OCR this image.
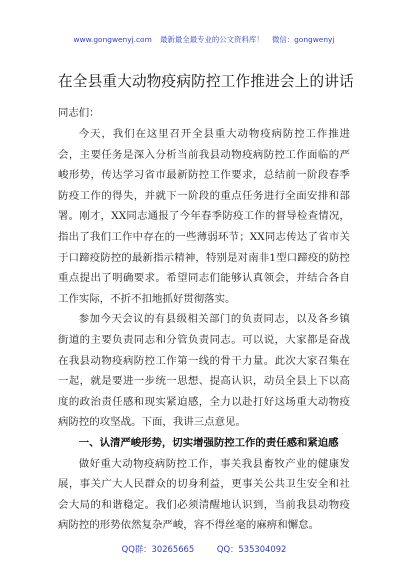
www.gongwenyj.com 最新最全最专业的公文资料库！ 微信：gongwenyj
在全县重大动物疫病防控工作推进会上的讲话
同志们：

今天，我们在这里召开全县重大动物疫病防控工作推进会，主要任务是深入分析当前我县动物疫病防控工作面临的严峻形势，传达学习省市最新防控工作要求，总结前一阶段春季防疫工作的得失，并就下一阶段的重点任务进行全面安排和部署。刚才，XX同志通报了今年春季防疫工作的督导检查情况，指出了我们工作中存在的一些薄弱环节；XX同志传达了省市关于口蹄疫防控的最新指示精神，特别是对南非1型口蹄疫的防控重点提出了明确要求。希望同志们能够认真领会，并结合各自工作实际，不折不扣地抓好贯彻落实。

参加今天会议的有县级相关部门的负责同志，以及各乡镇街道的主要负责同志和分管负责同志。可以说，大家都是奋战在我县动物疫病防控工作第一线的骨干力量。此次大家召集在一起，就是要进一步统一思想、提高认识，动员全县上下以高度的政治责任感和现实紧迫感，全力以赴打好这场重大动物疫病防控的攻坚战。下面，我讲三点意见。

一、认清严峻形势，切实增强防控工作的责任感和紧迫感

做好重大动物疫病防控工作，事关我县畜牧产业的健康发展，事关广大人民群众的切身利益，更事关公共卫生安全和社会大局的和谐稳定。我们必须清醒地认识到，当前我县动物疫病防控的形势依然复杂严峻，容不得丝毫的麻痹和懈怠。

QQ群：30265665	QQ：535304092
